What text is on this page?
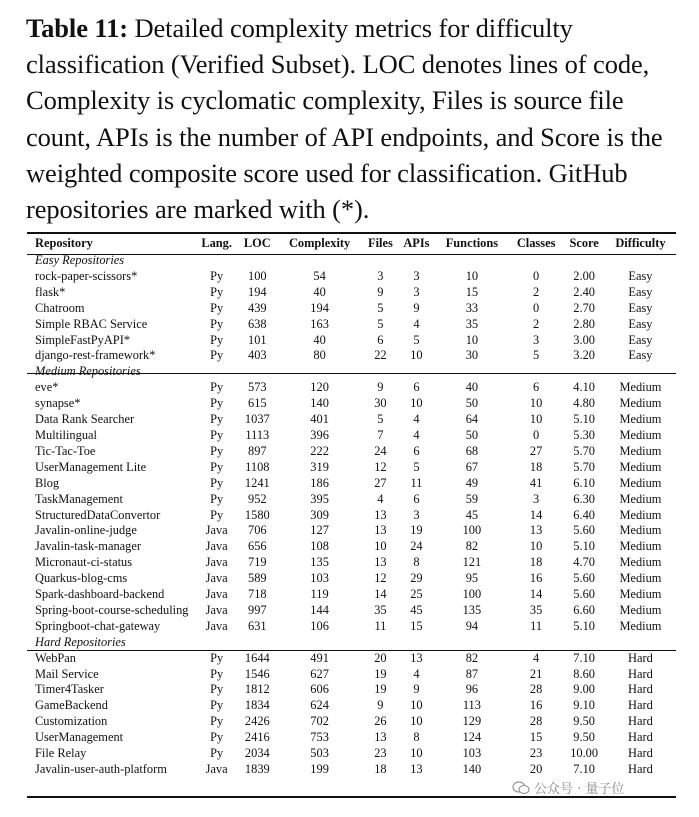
Table 11: Detailed complexity metrics for difficulty classification (Verified Subset). LOC denotes lines of code, Complexity is cyclomatic complexity, Files is source file count, APIs is the number of API endpoints, and Score is the weighted composite score used for classification. GitHub repositories are marked with (*).
Repository	Lang.	LOC	Complexity	Files	APIs	Functions	Classes	Score	Difficulty
Easy Repositories									
rock-paper-scissors*	Py	100	54	3	3	10	0	2.00	Easy
flask*	Py	194	40	9	3	15	2	2.40	Easy
Chatroom	Py	439	194	5	9	33	0	2.70	Easy
Simple RBAC Service	Py	638	163	5	4	35	2	2.80	Easy
SimpleFastPyAPI*	Py	101	40	6	5	10	3	3.00	Easy
django-rest-framework*	Py	403	80	22	10	30	5	3.20	Easy
Medium Repositories									
eve*	Py	573	120	9	6	40	6	4.10	Medium
synapse*	Py	615	140	30	10	50	10	4.80	Medium
Data Rank Searcher	Py	1037	401	5	4	64	10	5.10	Medium
Multilingual	Py	1113	396	7	4	50	0	5.30	Medium
Tic-Tac-Toe	Py	897	222	24	6	68	27	5.70	Medium
UserManagement Lite	Py	1108	319	12	5	67	18	5.70	Medium
Blog	Py	1241	186	27	11	49	41	6.10	Medium
TaskManagement	Py	952	395	4	6	59	3	6.30	Medium
StructuredDataConvertor	Py	1580	309	13	3	45	14	6.40	Medium
Javalin-online-judge	Java	706	127	13	19	100	13	5.60	Medium
Javalin-task-manager	Java	656	108	10	24	82	10	5.10	Medium
Micronaut-ci-status	Java	719	135	13	8	121	18	4.70	Medium
Quarkus-blog-cms	Java	589	103	12	29	95	16	5.60	Medium
Spark-dashboard-backend	Java	718	119	14	25	100	14	5.60	Medium
Spring-boot-course-scheduling	Java	997	144	35	45	135	35	6.60	Medium
Springboot-chat-gateway	Java	631	106	11	15	94	11	5.10	Medium
Hard Repositories									
WebPan	Py	1644	491	20	13	82	4	7.10	Hard
Mail Service	Py	1546	627	19	4	87	21	8.60	Hard
Timer4Tasker	Py	1812	606	19	9	96	28	9.00	Hard
GameBackend	Py	1834	624	9	10	113	16	9.10	Hard
Customization	Py	2426	702	26	10	129	28	9.50	Hard
UserManagement	Py	2416	753	13	8	124	15	9.50	Hard
File Relay	Py	2034	503	23	10	103	23	10.00	Hard
Javalin-user-auth-platform	Java	1839	199	18	13	140	20	7.10	Hard
公众号 · 量子位
